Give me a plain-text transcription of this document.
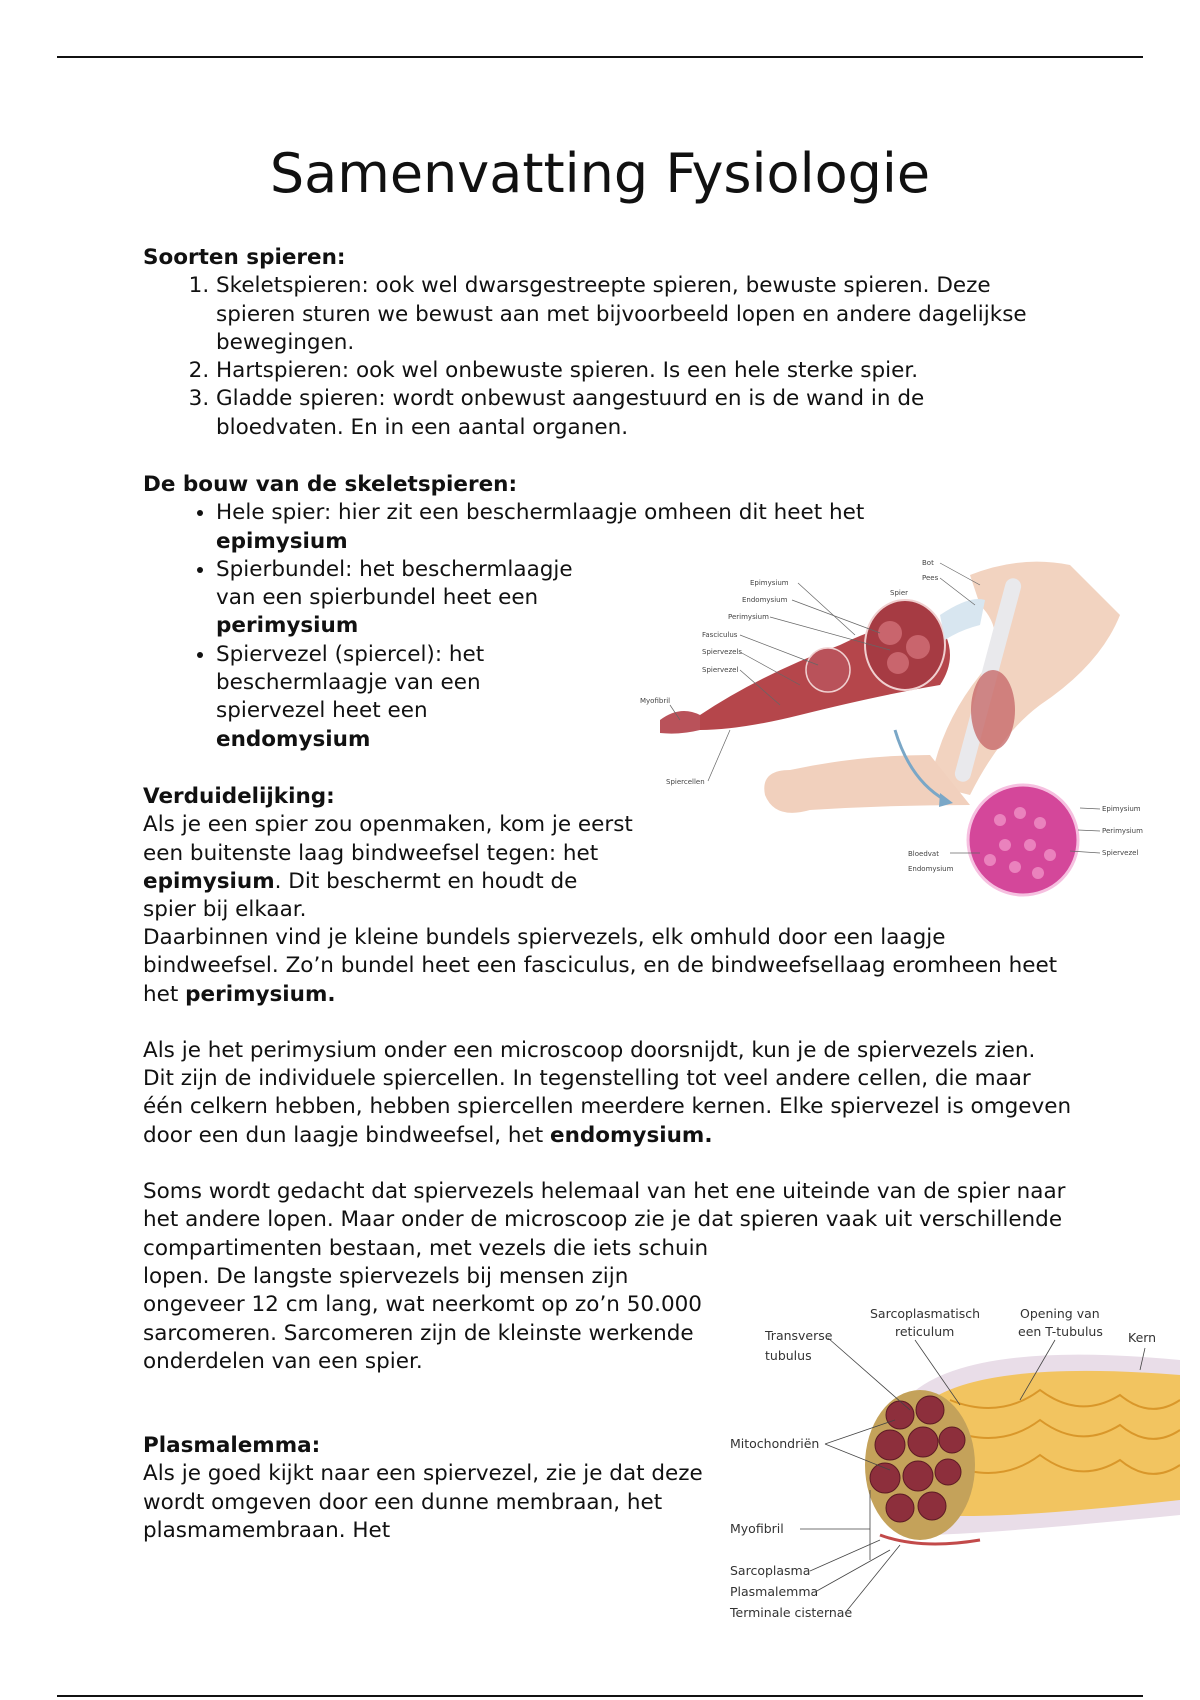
Samenvatting Fysiologie

Soorten spieren:

1. Skeletspieren: ook wel dwarsgestreepte spieren, bewuste spieren. Deze spieren sturen we bewust aan met bijvoorbeeld lopen en andere dagelijkse bewegingen.
2. Hartspieren: ook wel onbewuste spieren. Is een hele sterke spier.
3. Gladde spieren: wordt onbewust aangestuurd en is de wand in de bloedvaten. En in een aantal organen.

De bouw van de skeletspieren:

• Hele spier: hier zit een beschermlaagje omheen dit heet het epimysium
• Spierbundel: het beschermlaagje van een spierbundel heet een perimysium
• Spiervezel (spiercel): het beschermlaagje van een spiervezel heet een endomysium

Verduidelijking:

Als je een spier zou openmaken, kom je eerst een buitenste laag bindweefsel tegen: het epimysium. Dit beschermt en houdt de spier bij elkaar.

Daarbinnen vind je kleine bundels spiervezels, elk omhuld door een laagje bindweefsel. Zo’n bundel heet een fasciculus, en de bindweefsellaag eromheen heet het perimysium.

Als je het perimysium onder een microscoop doorsnijdt, kun je de spiervezels zien. Dit zijn de individuele spiercellen. In tegenstelling tot veel andere cellen, die maar één celkern hebben, hebben spiercellen meerdere kernen. Elke spiervezel is omgeven door een dun laagje bindweefsel, het endomysium.

Soms wordt gedacht dat spiervezels helemaal van het ene uiteinde van de spier naar het andere lopen. Maar onder de microscoop zie je dat spieren vaak uit verschillende compartimenten bestaan, met vezels die iets schuin

lopen. De langste spiervezels bij mensen zijn ongeveer 12 cm lang, wat neerkomt op zo’n 50.000 sarcomeren. Sarcomeren zijn de kleinste werkende onderdelen van een spier.

Plasmalemma:

Als je goed kijkt naar een spiervezel, zie je dat deze wordt omgeven door een dunne membraan, het plasmamembraan. Het

Bot
Pees
Spier
Epimysium
Endomysium
Perimysium
Fasciculus
Spiervezels
Spiervezel
Myofibril
Spiercellen
Epimysium
Perimysium
Spiervezel
Bloedvat
Endomysium
Sarcoplasmatisch
reticulum
Opening van
een T-tubulus Kern
Transverse
tubulus
Mitochondriën
Myofibril
Sarcoplasma
Plasmalemma
Terminale cisternae
